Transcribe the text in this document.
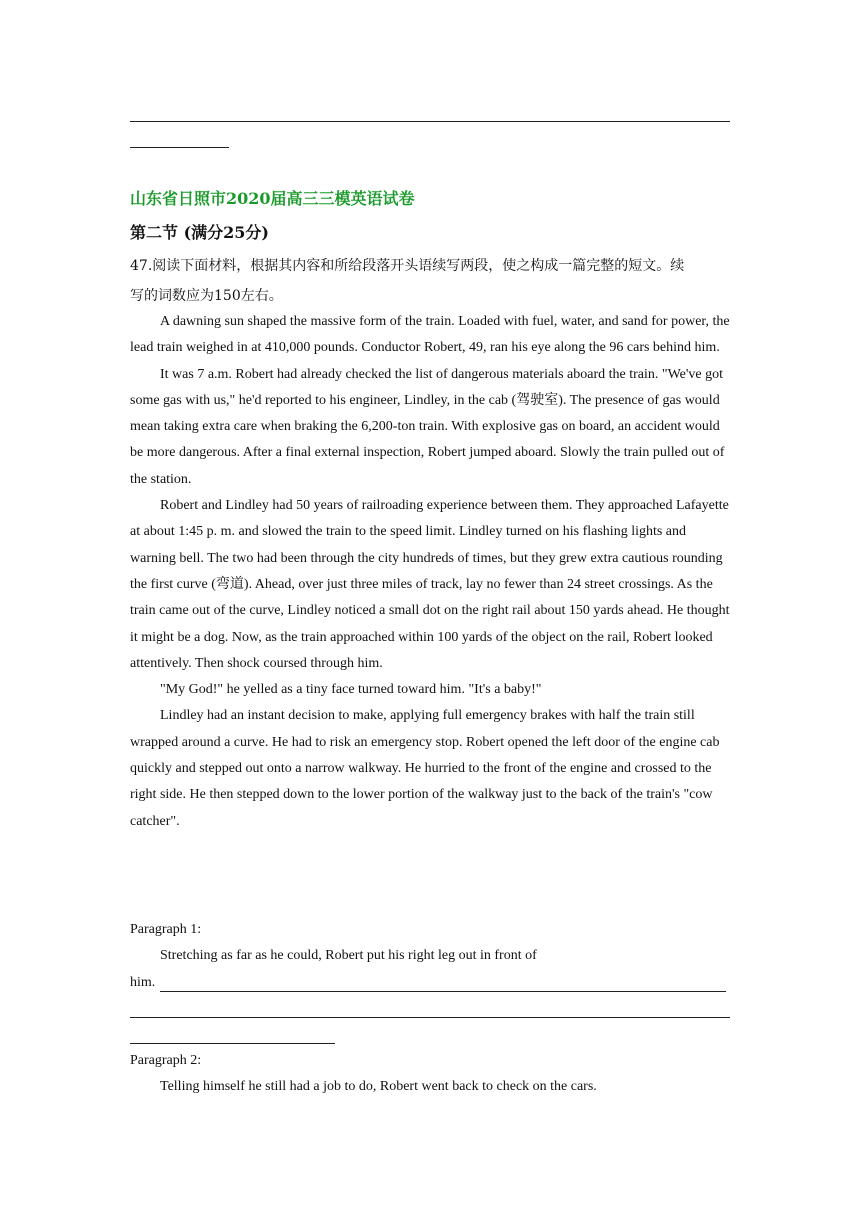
山东省日照市2020届高三三模英语试卷
第二节 (满分25分)
47.阅读下面材料，根据其内容和所给段落开头语续写两段，使之构成一篇完整的短文。续
写的词数应为150左右。

A dawning sun shaped the massive form of the train. Loaded with fuel, water, and sand for power, the lead train weighed in at 410,000 pounds. Conductor Robert, 49, ran his eye along the 96 cars behind him.

It was 7 a.m. Robert had already checked the list of dangerous materials aboard the train. "We've got some gas with us," he'd reported to his engineer, Lindley, in the cab (驾驶室). The presence of gas would mean taking extra care when braking the 6,200-ton train. With explosive gas on board, an accident would be more dangerous. After a final external inspection, Robert jumped aboard. Slowly the train pulled out of the station.

Robert and Lindley had 50 years of railroading experience between them. They approached Lafayette at about 1:45 p. m. and slowed the train to the speed limit. Lindley turned on his flashing lights and warning bell. The two had been through the city hundreds of times, but they grew extra cautious rounding the first curve (弯道). Ahead, over just three miles of track, lay no fewer than 24 street crossings. As the train came out of the curve, Lindley noticed a small dot on the right rail about 150 yards ahead. He thought it might be a dog. Now, as the train approached within 100 yards of the object on the rail, Robert looked attentively. Then shock coursed through him.

"My God!" he yelled as a tiny face turned toward him. "It's a baby!"

Lindley had an instant decision to make, applying full emergency brakes with half the train still wrapped around a curve. He had to risk an emergency stop. Robert opened the left door of the engine cab quickly and stepped out onto a narrow walkway. He hurried to the front of the engine and crossed to the right side. He then stepped down to the lower portion of the walkway just to the back of the train's "cow catcher".

Paragraph 1:
Stretching as far as he could, Robert put his right leg out in front of
him.
Paragraph 2:
Telling himself he still had a job to do, Robert went back to check on the cars.
